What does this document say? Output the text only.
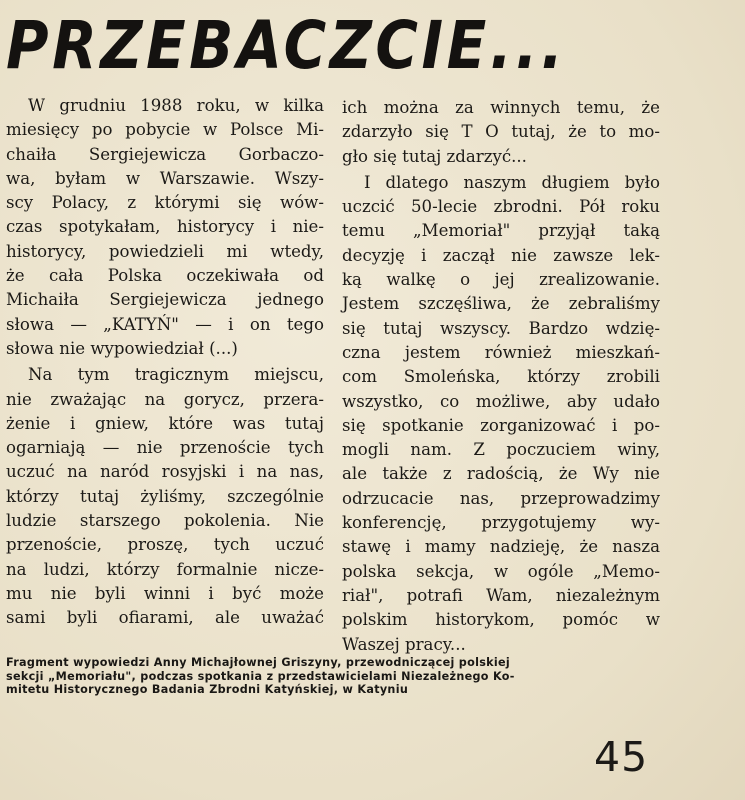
PRZEBACZCIE...

W grudniu 1988 roku, w kilka
miesięcy po pobycie w Polsce Mi-
chaiła Sergiejewicza Gorbaczo-
wa, byłam w Warszawie. Wszy-
scy Polacy, z którymi się wów-
czas spotykałam, historycy i nie-
historycy, powiedzieli mi wtedy,
że cała Polska oczekiwała od
Michaiła Sergiejewicza jednego
słowa — „KATYŃ" — i on tego
słowa nie wypowiedział (...)

Na tym tragicznym miejscu,
nie zważając na gorycz, przera-
żenie i gniew, które was tutaj
ogarniają — nie przenoście tych
uczuć na naród rosyjski i na nas,
którzy tutaj żyliśmy, szczególnie
ludzie starszego pokolenia. Nie
przenoście, proszę, tych uczuć
na ludzi, którzy formalnie nicze-
mu nie byli winni i być może
sami byli ofiarami, ale uważać

ich można za winnych temu, że
zdarzyło się T O tutaj, że to mo-
gło się tutaj zdarzyć...

I dlatego naszym długiem było
uczcić 50-lecie zbrodni. Pół roku
temu „Memoriał" przyjął taką
decyzję i zaczął nie zawsze lek-
ką walkę o jej zrealizowanie.
Jestem szczęśliwa, że zebraliśmy
się tutaj wszyscy. Bardzo wdzię-
czna jestem również mieszkań-
com Smoleńska, którzy zrobili
wszystko, co możliwe, aby udało
się spotkanie zorganizować i po-
mogli nam. Z poczuciem winy,
ale także z radością, że Wy nie
odrzucacie nas, przeprowadzimy
konferencję, przygotujemy wy-
stawę i mamy nadzieję, że nasza
polska sekcja, w ogóle „Memo-
riał", potrafi Wam, niezależnym
polskim historykom, pomóc w
Waszej pracy...

Fragment wypowiedzi Anny Michajłownej Griszyny, przewodniczącej polskiej
sekcji „Memoriału", podczas spotkania z przedstawicielami Niezależnego Ko-
mitetu Historycznego Badania Zbrodni Katyńskiej, w Katyniu
45
